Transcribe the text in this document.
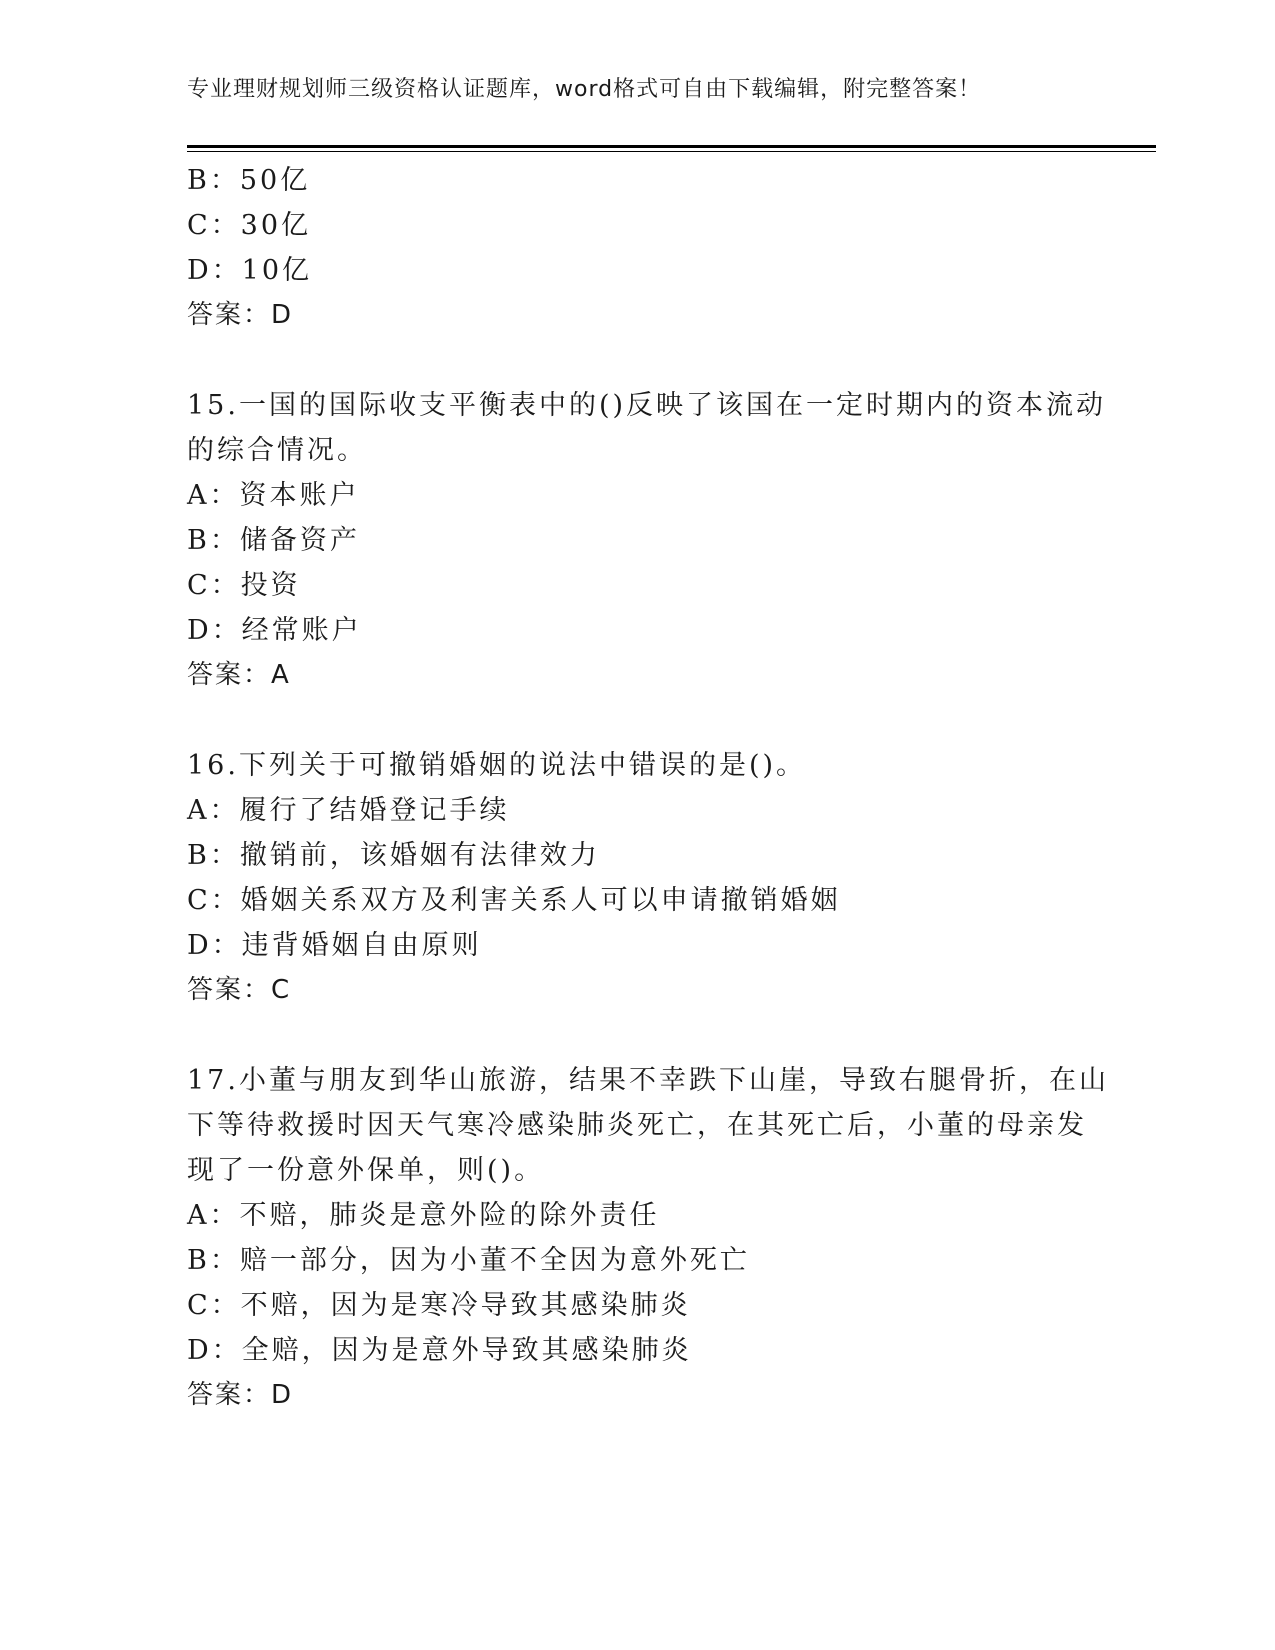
专业理财规划师三级资格认证题库，word格式可自由下载编辑，附完整答案！
B：50亿
C：30亿
D：10亿
答案：D
15.一国的国际收支平衡表中的()反映了该国在一定时期内的资本流动
的综合情况。
A：资本账户
B：储备资产
C：投资
D：经常账户
答案：A
16.下列关于可撤销婚姻的说法中错误的是()。
A：履行了结婚登记手续
B：撤销前，该婚姻有法律效力
C：婚姻关系双方及利害关系人可以申请撤销婚姻
D：违背婚姻自由原则
答案：C
17.小董与朋友到华山旅游，结果不幸跌下山崖，导致右腿骨折，在山
下等待救援时因天气寒冷感染肺炎死亡，在其死亡后，小董的母亲发
现了一份意外保单，则()。
A：不赔，肺炎是意外险的除外责任
B：赔一部分，因为小董不全因为意外死亡
C：不赔，因为是寒冷导致其感染肺炎
D：全赔，因为是意外导致其感染肺炎
答案：D
